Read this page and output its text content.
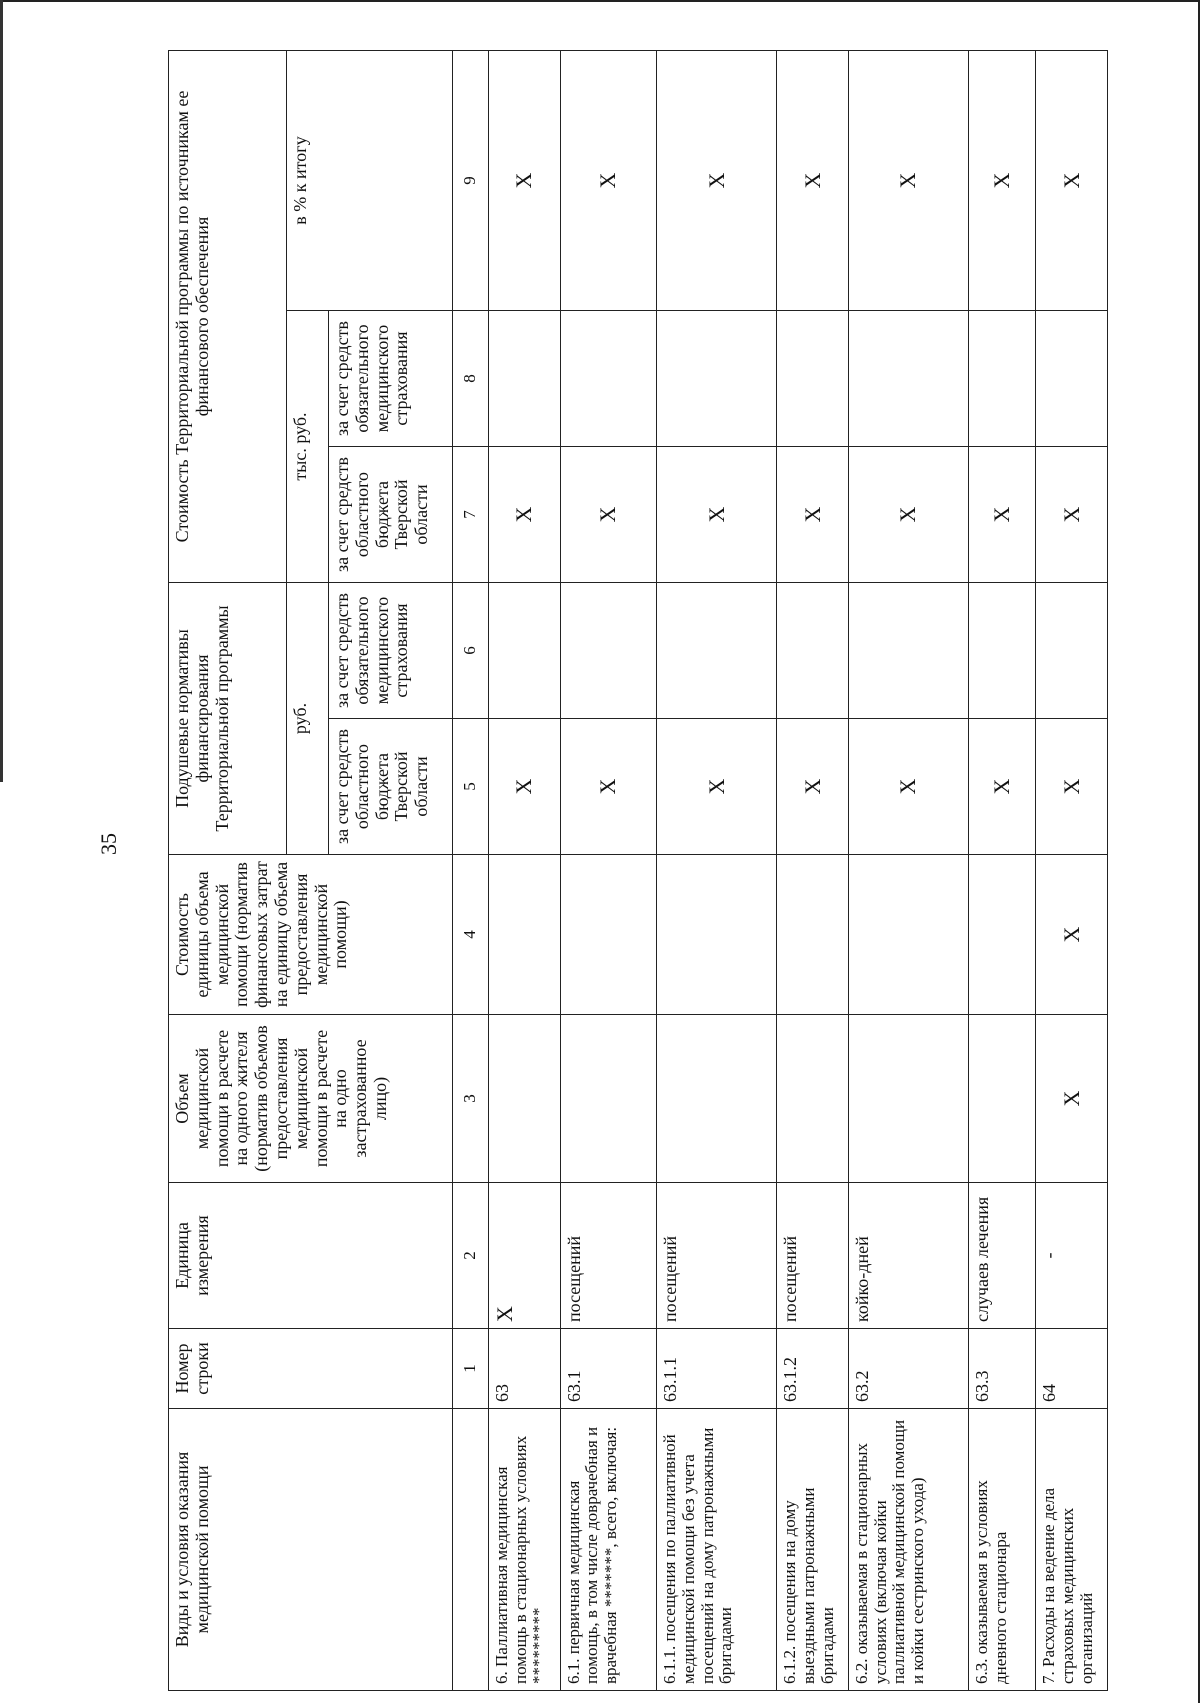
35
Виды и условия оказания медицинской помощи	Номер строки	Единица измерения	Объем медицинской помощи в расчете на одного жителя (норматив объемов предоставления медицинской помощи в расчете на одно застрахованное лицо)	Стоимость единицы объема медицинской помощи (норматив финансовых затрат на единицу объема предоставления медицинской помощи)	Подушевые нормативы финансирования Территориальной программы		Стоимость Территориальной программы по источникам ее финансового обеспечения		
					руб.		тыс. руб.		в % к итогу
					за счет средств областного бюджета Тверской области	за счет средств обязательного медицинского страхования	за счет средств областного бюджета Тверской области	за счет средств обязательного медицинского страхования	
	1	2	3	4	5	6	7	8	9
6. Паллиативная медицинская помощь в стационарных условиях *********	63	Х			Х		Х		Х
6.1. первичная медицинская помощь, в том числе доврачебная и врачебная *******, всего, включая:	63.1	посещений			Х		Х		Х
6.1.1. посещения по паллиативной медицинской помощи без учета посещений на дому патронажными бригадами	63.1.1	посещений			Х		Х		Х
6.1.2. посещения на дому выездными патронажными бригадами	63.1.2	посещений			Х		Х		Х
6.2. оказываемая в стационарных условиях (включая койки паллиативной медицинской помощи и койки сестринского ухода)	63.2	койко-дней			Х		Х		Х
6.3. оказываемая в условиях дневного стационара	63.3	случаев лечения			Х		Х		Х
7. Расходы на ведение дела страховых медицинских организаций	64	-	Х	Х	Х		Х		Х
